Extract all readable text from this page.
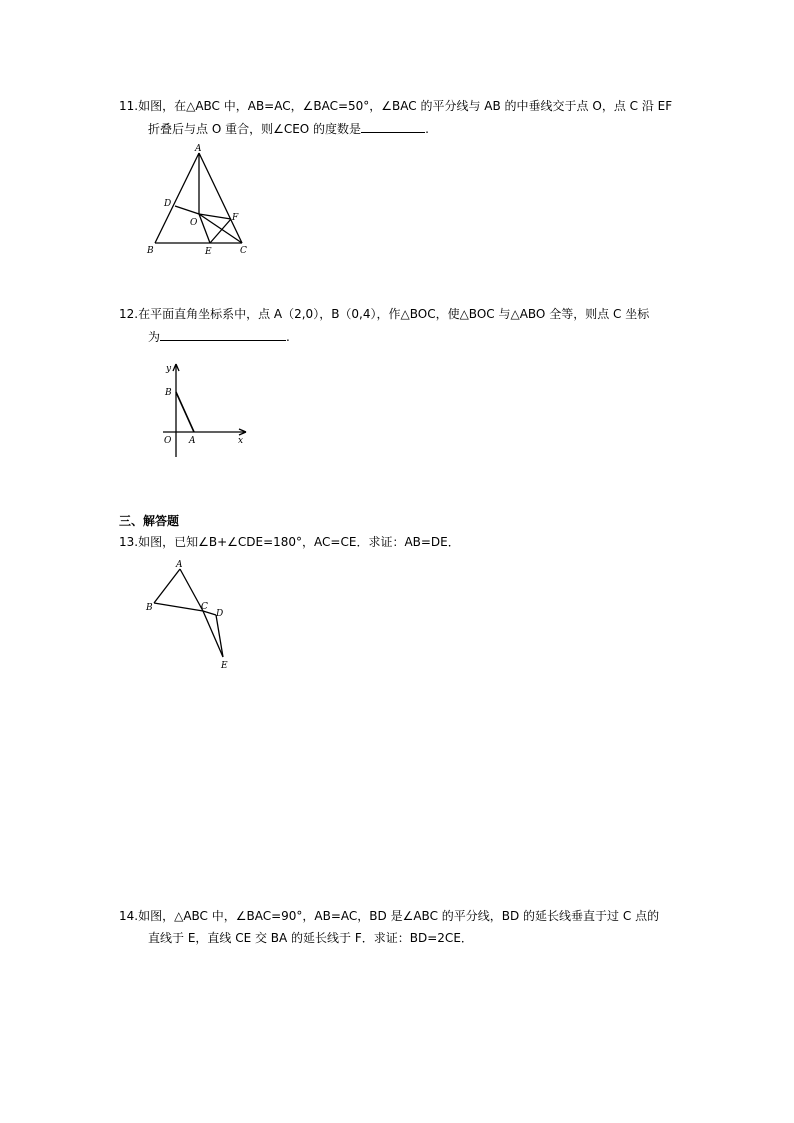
11.如图，在△ABC 中，AB=AC，∠BAC=50°，∠BAC 的平分线与 AB 的中垂线交于点 O，点 C 沿 EF
折叠后与点 O 重合，则∠CEO 的度数是	.
A
D
O	F
B	E	C
12.在平面直角坐标系中，点 A（2,0），B（0,4），作△BOC，使△BOC 与△ABO 全等，则点 C 坐标
为	.
y
B
O A	x
三、解答题
13.如图，已知∠B+∠CDE=180°，AC=CE．求证：AB=DE．
A
B	C
D
E
14.如图，△ABC 中，∠BAC=90°，AB=AC，BD 是∠ABC 的平分线，BD 的延长线垂直于过 C 点的
直线于 E，直线 CE 交 BA 的延长线于 F．求证：BD=2CE．
